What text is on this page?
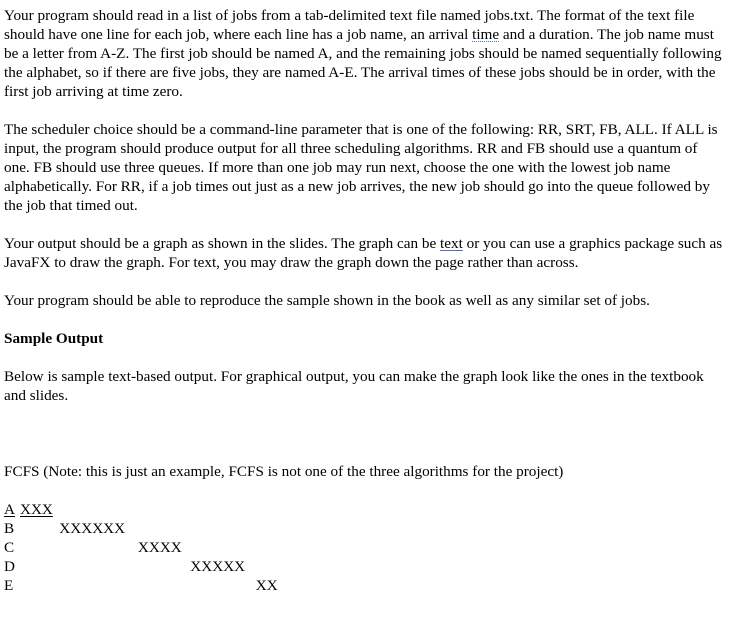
Your program should read in a list of jobs from a tab-delimited text file named jobs.txt. The format of the text file should have one line for each job, where each line has a job name, an arrival time and a duration. The job name must be a letter from A-Z. The first job should be named A, and the remaining jobs should be named sequentially following the alphabet, so if there are five jobs, they are named A-E. The arrival times of these jobs should be in order, with the first job arriving at time zero.

The scheduler choice should be a command-line parameter that is one of the following: RR, SRT, FB, ALL. If ALL is input, the program should produce output for all three scheduling algorithms. RR and FB should use a quantum of one. FB should use three queues. If more than one job may run next, choose the one with the lowest job name alphabetically. For RR, if a job times out just as a new job arrives, the new job should go into the queue followed by the job that timed out.

Your output should be a graph as shown in the slides. The graph can be text or you can use a graphics package such as JavaFX to draw the graph. For text, you may draw the graph down the page rather than across.

Your program should be able to reproduce the sample shown in the book as well as any similar set of jobs.

Sample Output

Below is sample text-based output. For graphical output, you can make the graph look like the ones in the textbook and slides.

FCFS (Note: this is just an example, FCFS is not one of the three algorithms for the project)

A XXX
B	XXXXXX
C	XXXX
D	XXXXX
E	XX
